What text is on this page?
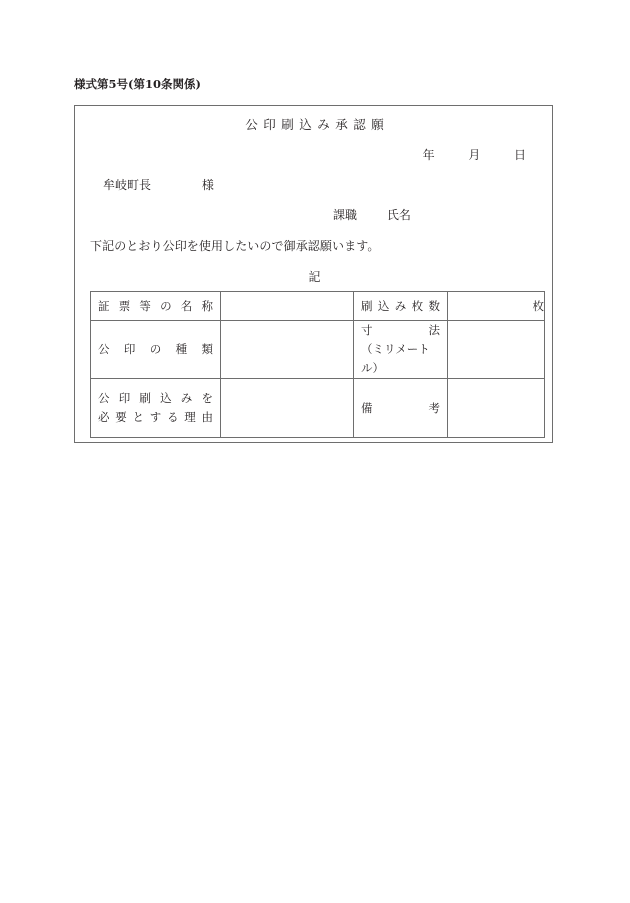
様式第5号(第10条関係)
公印刷込み承認願
年	月	日
牟岐町長	様
課職 氏名
下記のとおり公印を使用したいので御承認願います。
記
証票等の名称		刷込み枚数	枚

公印の種類		寸法
（ミリメートル）	

公印刷込みを
必要とする理由		備考	
